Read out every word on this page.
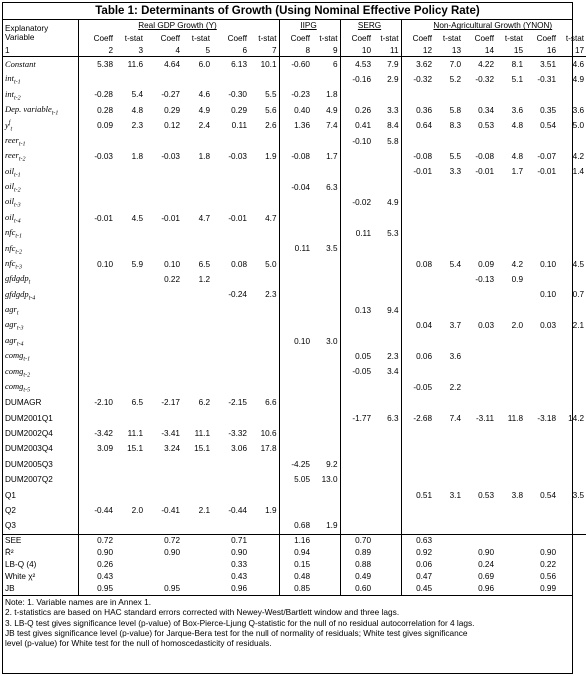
Table 1: Determinants of Growth (Using Nominal Effective Policy Rate)
Explanatory Variable	Real GDP Growth (Y)						IIPG		SERG		Non-Agricultural Growth (YNON)					
	Coeff	t-stat	Coeff	t-stat	Coeff	t-stat	Coeff	t-stat	Coeff	t-stat	Coeff	t-stat	Coeff	t-stat	Coeff	t-stat
1	2	3	4	5	6	7	8	9	10	11	12	13	14	15	16	17
Constant	5.38	11.6	4.64	6.0	6.13	10.1	-0.60	6	4.53	7.9	3.62	7.0	4.22	8.1	3.51	4.6
int$_{t-1}$									-0.16	2.9	-0.32	5.2	-0.32	5.1	-0.31	4.9
int$_{t-2}$	-0.28	5.4	-0.27	4.6	-0.30	5.5	-0.23	1.8								
Dep. variable$_{t-1}$	0.28	4.8	0.29	4.9	0.29	5.6	0.40	4.9	0.26	3.3	0.36	5.8	0.34	3.6	0.35	3.6
$y^f_t$	0.09	2.3	0.12	2.4	0.11	2.6	1.36	7.4	0.41	8.4	0.64	8.3	0.53	4.8	0.54	5.0
reer$_{t-1}$									-0.10	5.8						
reer$_{t-2}$	-0.03	1.8	-0.03	1.8	-0.03	1.9	-0.08	1.7			-0.08	5.5	-0.08	4.8	-0.07	4.2
oil$_{t-1}$											-0.01	3.3	-0.01	1.7	-0.01	1.4
oil$_{t-2}$							-0.04	6.3								
oil$_{t-3}$									-0.02	4.9						
oil$_{t-4}$	-0.01	4.5	-0.01	4.7	-0.01	4.7										
nfc$_{t-1}$									0.11	5.3						
nfc$_{t-2}$							0.11	3.5								
nfc$_{t-3}$	0.10	5.9	0.10	6.5	0.08	5.0					0.08	5.4	0.09	4.2	0.10	4.5
gfdgdp$_t$			0.22	1.2									-0.13	0.9		
gfdgdp$_{t-4}$					-0.24	2.3									0.10	0.7
agr$_t$									0.13	9.4						
agr$_{t-3}$											0.04	3.7	0.03	2.0	0.03	2.1
agr$_{t-4}$							0.10	3.0								
comg$_{t-1}$									0.05	2.3	0.06	3.6				
comg$_{t-2}$									-0.05	3.4						
comg$_{t-5}$											-0.05	2.2				
DUMAGR	-2.10	6.5	-2.17	6.2	-2.15	6.6										
DUM2001Q1									-1.77	6.3	-2.68	7.4	-3.11	11.8	-3.18	14.2
DUM2002Q4	-3.42	11.1	-3.41	11.1	-3.32	10.6										
DUM2003Q4	3.09	15.1	3.24	15.1	3.06	17.8										
DUM2005Q3							-4.25	9.2								
DUM2007Q2							5.05	13.0								
Q1											0.51	3.1	0.53	3.8	0.54	3.5
Q2	-0.44	2.0	-0.41	2.1	-0.44	1.9										
Q3							0.68	1.9								
SEE	0.72		0.72		0.71		1.16		0.70		0.63					
R̄²	0.90		0.90		0.90		0.94		0.89		0.92		0.90		0.90	
LB-Q (4)	0.26				0.33		0.15		0.88		0.06		0.24		0.22	
White χ²	0.43				0.43		0.48		0.49		0.47		0.69		0.56	
JB	0.95		0.95		0.96		0.85		0.60		0.45		0.96		0.99	
Note: 1. Variable names are in Annex 1.
2. t-statistics are based on HAC standard errors corrected with Newey-West/Bartlett window and three lags.
3. LB-Q test gives significance level (p-value) of Box-Pierce-Ljung Q-statistic for the null of no residual autocorrelation for 4 lags.
JB test gives significance level (p-value) for Jarque-Bera test for the null of normality of residuals; White test gives significance
level (p-value) for White test for the null of homoscedasticity of residuals.
